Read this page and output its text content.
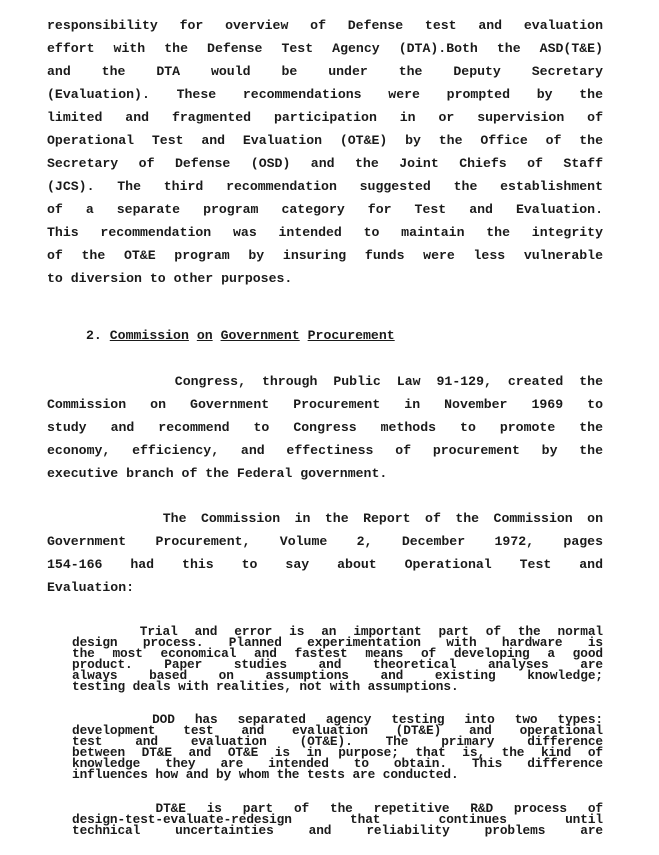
responsibility for overview of Defense test and evaluation
effort with the Defense Test Agency (DTA).Both the ASD(T&E)
and the DTA would be under the Deputy Secretary
(Evaluation). These recommendations were prompted by the
limited and fragmented participation in or supervision of
Operational Test and Evaluation (OT&E) by the Office of the
Secretary of Defense (OSD) and the Joint Chiefs of Staff
(JCS). The third recommendation suggested the establishment
of a separate program category for Test and Evaluation.
This recommendation was intended to maintain the integrity
of the OT&E program by insuring funds were less vulnerable
to diversion to other purposes.
2. Commission on Government Procurement
Congress, through Public Law 91-129, created the
Commission on Government Procurement in November 1969 to
study and recommend to Congress methods to promote the
economy, efficiency, and effectiness of procurement by the
executive branch of the Federal government.
The Commission in the Report of the Commission on
Government Procurement, Volume 2, December 1972, pages
154-166 had this to say about Operational Test and
Evaluation:
Trial and error is an important part of the normal
design process. Planned experimentation with hardware is
the most economical and fastest means of developing a good
product. Paper studies and theoretical analyses are
always based on assumptions and existing knowledge;
testing deals with realities, not with assumptions.
DOD has separated agency testing into two types:
development test and evaluation (DT&E) and operational
test and evaluation (OT&E). The primary difference
between DT&E and OT&E is in purpose; that is, the kind of
knowledge they are intended to obtain. This difference
influences how and by whom the tests are conducted.
DT&E is part of the repetitive R&D process of
design-test-evaluate-redesign that continues until
technical uncertainties and reliability problems are
